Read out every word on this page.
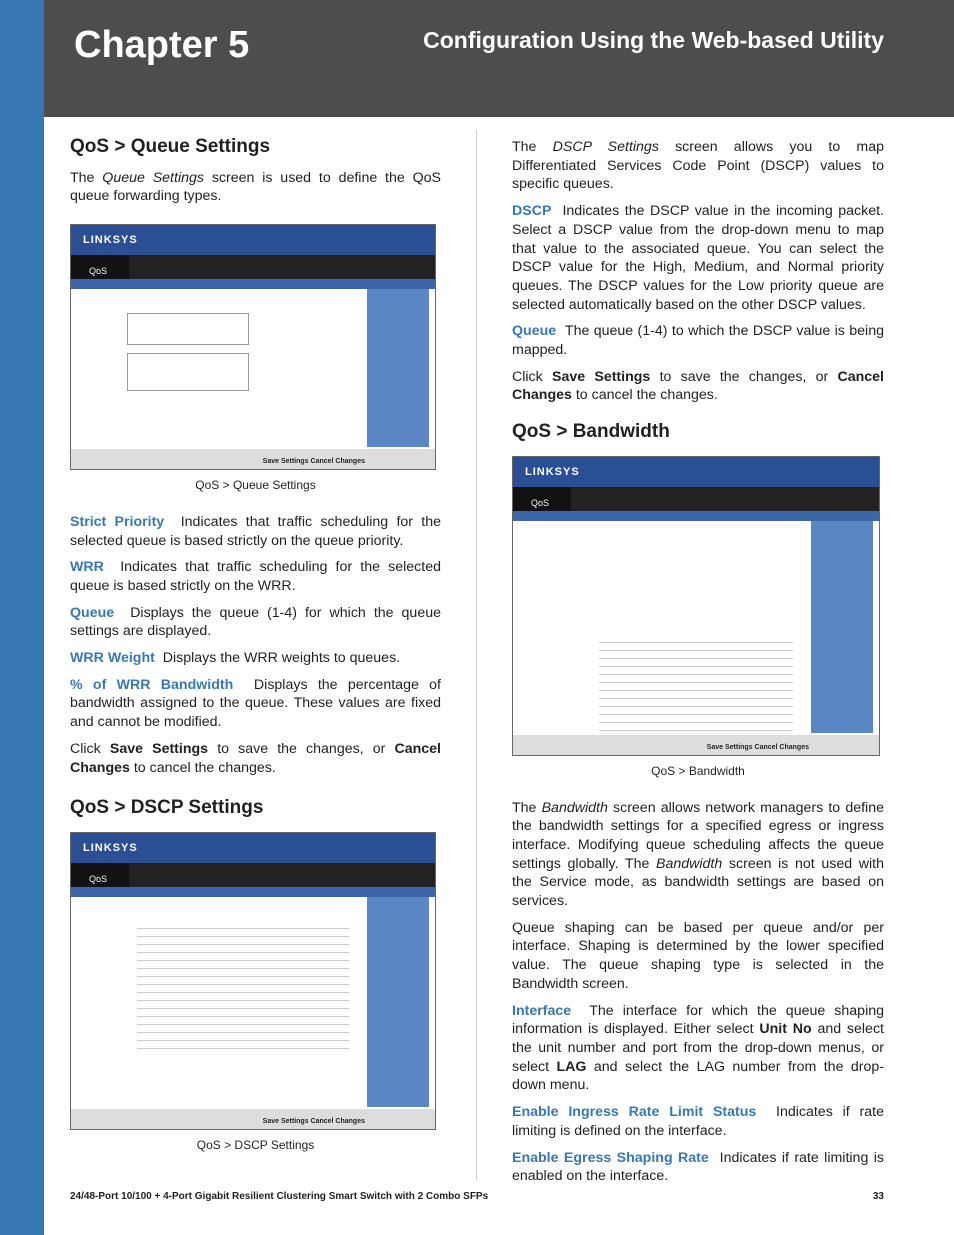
Chapter 5	Configuration Using the Web-based Utility
QoS > Queue Settings

The Queue Settings screen is used to define the QoS queue forwarding types.

LINKSYS
QoS
Save Settings Cancel Changes
QoS > Queue Settings

Strict Priority Indicates that traffic scheduling for the selected queue is based strictly on the queue priority.

WRR Indicates that traffic scheduling for the selected queue is based strictly on the WRR.

Queue Displays the queue (1-4) for which the queue settings are displayed.

WRR Weight Displays the WRR weights to queues.

% of WRR Bandwidth Displays the percentage of bandwidth assigned to the queue. These values are fixed and cannot be modified.

Click Save Settings to save the changes, or Cancel Changes to cancel the changes.

QoS > DSCP Settings
LINKSYS
QoS
Save Settings Cancel Changes
QoS > DSCP Settings

The DSCP Settings screen allows you to map Differentiated Services Code Point (DSCP) values to specific queues.

DSCP Indicates the DSCP value in the incoming packet. Select a DSCP value from the drop-down menu to map that value to the associated queue. You can select the DSCP value for the High, Medium, and Normal priority queues. The DSCP values for the Low priority queue are selected automatically based on the other DSCP values.

Queue The queue (1-4) to which the DSCP value is being mapped.

Click Save Settings to save the changes, or Cancel Changes to cancel the changes.

QoS > Bandwidth
LINKSYS
QoS
Save Settings Cancel Changes
QoS > Bandwidth

The Bandwidth screen allows network managers to define the bandwidth settings for a specified egress or ingress interface. Modifying queue scheduling affects the queue settings globally. The Bandwidth screen is not used with the Service mode, as bandwidth settings are based on services.

Queue shaping can be based per queue and/or per interface. Shaping is determined by the lower specified value. The queue shaping type is selected in the Bandwidth screen.

Interface The interface for which the queue shaping information is displayed. Either select Unit No and select the unit number and port from the drop-down menus, or select LAG and select the LAG number from the drop-down menu.

Enable Ingress Rate Limit Status Indicates if rate limiting is defined on the interface.

Enable Egress Shaping Rate Indicates if rate limiting is enabled on the interface.

24/48-Port 10/100 + 4-Port Gigabit Resilient Clustering Smart Switch with 2 Combo SFPs	33
